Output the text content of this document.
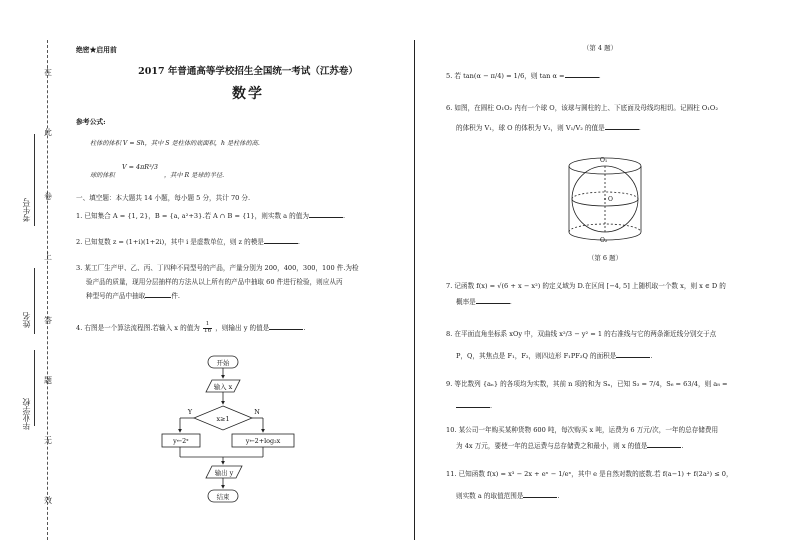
在
此
卷
上
答
题
无
效
考生号
姓名
毕业学校
绝密★启用前
2017 年普通高等学校招生全国统一考试（江苏卷）
数学
参考公式:
柱体的体积 V = Sh，其中 S 是柱体的底面积，h 是柱体的高.
球的体积
V = 4πR³/3
，其中 R 是球的半径.
一、填空题：本大题共 14 小题，每小题 5 分，共计 70 分.
1. 已知集合 A = {1, 2}，B = {a, a²+3}.若 A ∩ B = {1}，则实数 a 的值为	.
2. 已知复数 z = (1+i)(1+2i)，其中 i 是虚数单位，则 z 的模是	.
3. 某工厂生产甲、乙、丙、丁四种不同型号的产品，产量分别为 200，400，300，100 件.为检
验产品的质量，现用分层抽样的方法从以上所有的产品中抽取 60 件进行检验，则应从丙
种型号的产品中抽取	件.
4. 右图是一个算法流程图.若输入 x 的值为 $\frac{1}{16}$ ，则输出 y 的值是	.
开始
输入 x
x≥1
Y	N
y←2ˣ	y←2+log₂x
输出 y
结束
（第 4 题）
5. 若 tan(α − π/4) = 1/6，则 tan α =	.
6. 如图，在圆柱 O₁O₂ 内有一个球 O，该球与圆柱的上、下底面及母线均相切。记圆柱 O₁O₂
的体积为 V₁，球 O 的体积为 V₂，则 V₁/V₂ 的值是	.
O₁
O
O₂
（第 6 题）
7. 记函数 f(x) = √(6 + x − x²) 的定义域为 D.在区间 [−4, 5] 上随机取一个数 x，则 x ∈ D 的
概率是	.
8. 在平面直角坐标系 xOy 中，双曲线 x²/3 − y² = 1 的右准线与它的两条渐近线分别交于点
P，Q，其焦点是 F₁，F₂，则四边形 F₁PF₂Q 的面积是	.
9. 等比数列 {aₙ} 的各项均为实数，其前 n 项的和为 Sₙ，已知 S₃ = 7/4，S₆ = 63/4，则 a₈ =
.
10. 某公司一年购买某种货物 600 吨，每次购买 x 吨，运费为 6 万元/次，一年的总存储费用
为 4x 万元，要使一年的总运费与总存储费之和最小，则 x 的值是	.
11. 已知函数 f(x) = x³ − 2x + eˣ − 1/eˣ，其中 e 是自然对数的底数.若 f(a−1) + f(2a²) ≤ 0，
则实数 a 的取值范围是	.
